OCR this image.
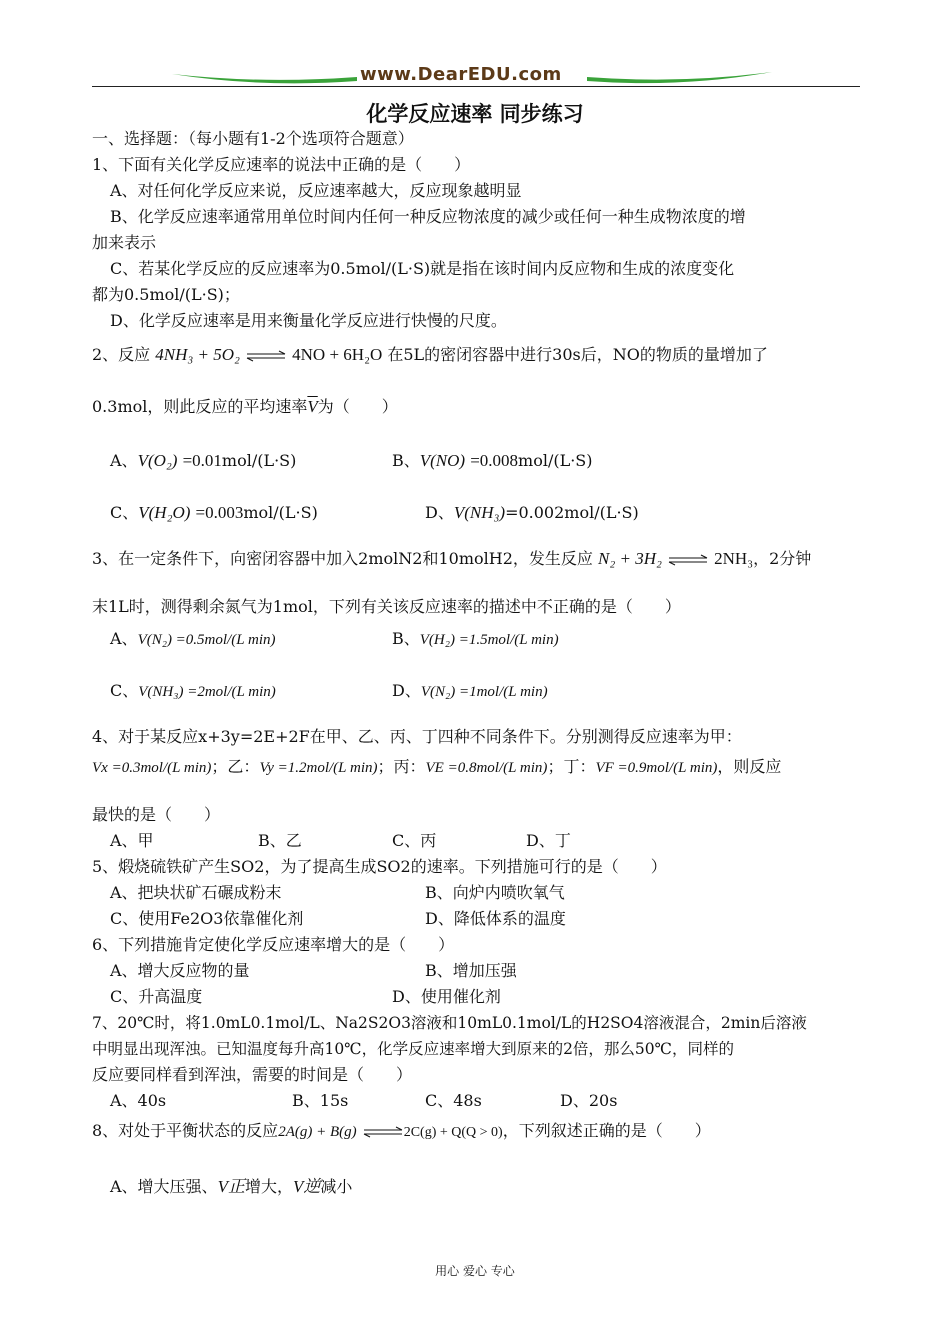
www.DearEDU.com
化学反应速率 同步练习
一、选择题：（每小题有1-2个选项符合题意）
1、下面有关化学反应速率的说法中正确的是（　　）
A、对任何化学反应来说，反应速率越大，反应现象越明显
B、化学反应速率通常用单位时间内任何一种反应物浓度的减少或任何一种生成物浓度的增
加来表示
C、若某化学反应的反应速率为0.5mol/(L·S)就是指在该时间内反应物和生成的浓度变化
都为0.5mol/(L·S)；
D、化学反应速率是用来衡量化学反应进行快慢的尺度。
2、反应 4NH₃ + 5O₂ ⇌ 4NO + 6H₂O 在5L的密闭容器中进行30s后，NO的物质的量增加了
0.3mol，则此反应的平均速率$\overline{V}$为（　　）
A、V(O₂) =0.01mol/(L·S)	B、V(NO) =0.008mol/(L·S)
C、V(H₂O) =0.003mol/(L·S)	D、V(NH₃)=0.002mol/(L·S)
3、在一定条件下，向密闭容器中加入2molN2和10molH2，发生反应 N₂ + 3H₂ ⇌ 2NH₃，2分钟
末1L时，测得剩余氮气为1mol，下列有关该反应速率的描述中不正确的是（　　）
A、V(N₂) =0.5mol/(L min)	B、V(H₂) =1.5mol/(L min)
C、V(NH₃) =2mol/(L min)	D、V(N₂) =1mol/(L min)
4、对于某反应x+3y=2E+2F在甲、乙、丙、丁四种不同条件下。分别测得反应速率为甲：
Vx =0.3mol/(L min)；乙：Vy =1.2mol/(L min)；丙：VE =0.8mol/(L min)；丁：VF =0.9mol/(L min)，则反应
最快的是（　　）
A、甲	B、乙	C、丙	D、丁
5、煅烧硫铁矿产生SO2，为了提高生成SO2的速率。下列措施可行的是（　　）
A、把块状矿石碾成粉末	B、向炉内喷吹氧气
C、使用Fe2O3依靠催化剂	D、降低体系的温度
6、下列措施肯定使化学反应速率增大的是（　　）
A、增大反应物的量	B、增加压强
C、升高温度	D、使用催化剂
7、20℃时，将1.0mL0.1mol/L、Na2S2O3溶液和10mL0.1mol/L的H2SO4溶液混合，2min后溶液
中明显出现浑浊。已知温度每升高10℃，化学反应速率增大到原来的2倍，那么50℃，同样的
反应要同样看到浑浊，需要的时间是（　　）
A、40s	B、15s	C、48s	D、20s
8、对处于平衡状态的反应2A(g) + B(g) ⇌2C(g) + Q(Q > 0)，下列叙述正确的是（　　）
A、增大压强、V正增大，V逆减小
用心 爱心 专心
